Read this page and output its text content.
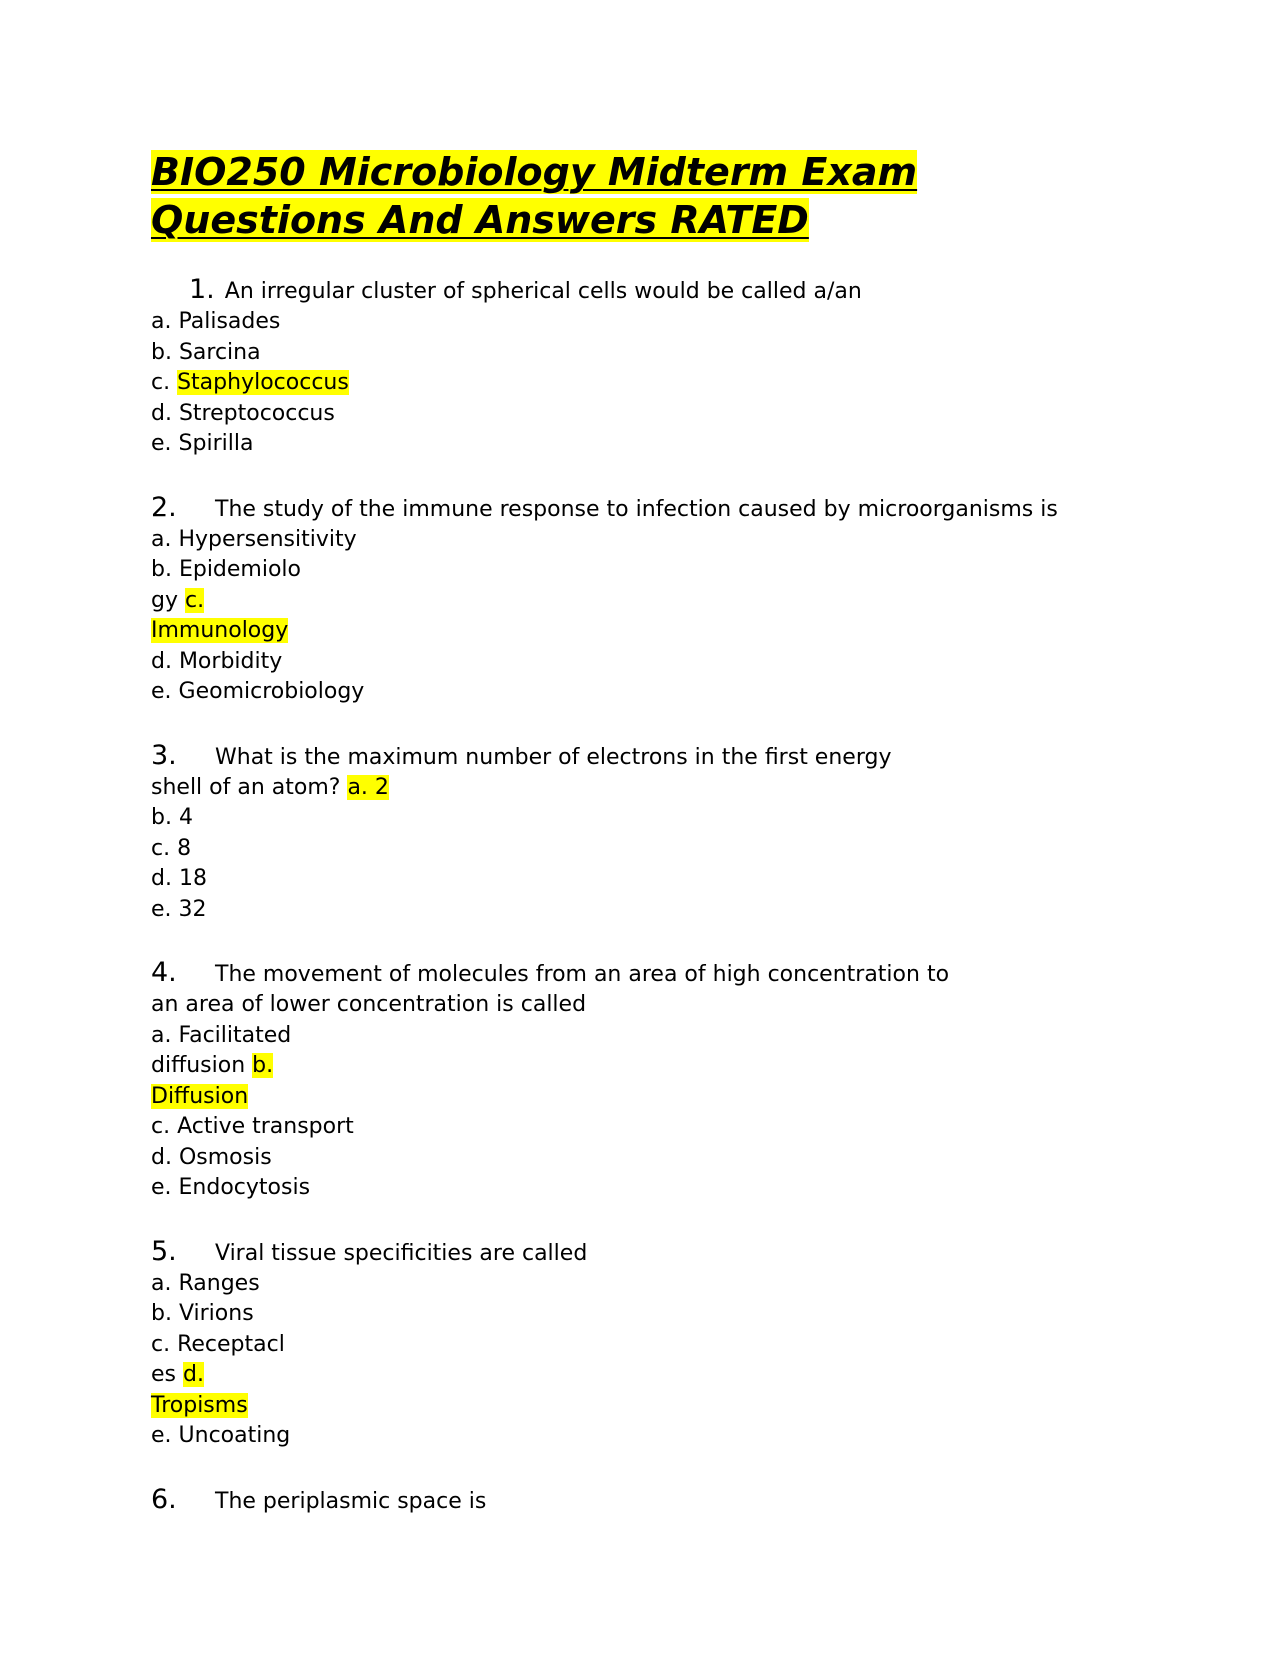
BIO250 Microbiology Midterm Exam
Questions And Answers RATED
1. An irregular cluster of spherical cells would be called a/an
a. Palisades
b. Sarcina
c. Staphylococcus
d. Streptococcus
e. Spirilla
2.	The study of the immune response to infection caused by microorganisms is
a. Hypersensitivity
b. Epidemiolo
gy c.
Immunology
d. Morbidity
e. Geomicrobiology
3.	What is the maximum number of electrons in the first energy
shell of an atom? a. 2
b. 4
c. 8
d. 18
e. 32
4.	The movement of molecules from an area of high concentration to
an area of lower concentration is called
a. Facilitated
diffusion b.
Diffusion
c. Active transport
d. Osmosis
e. Endocytosis
5.	Viral tissue specificities are called
a. Ranges
b. Virions
c. Receptacl
es d.
Tropisms
e. Uncoating
6.	The periplasmic space is
